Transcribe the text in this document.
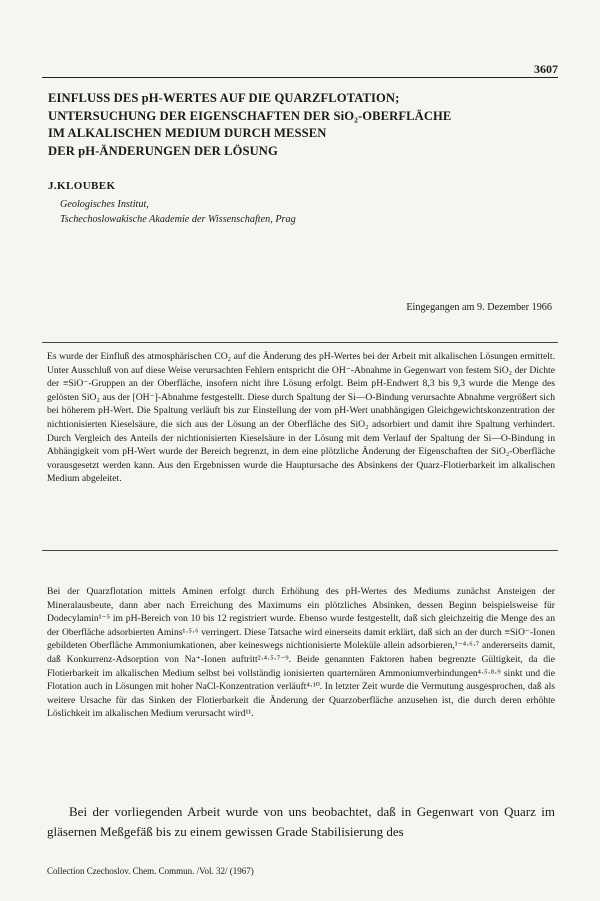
3607
EINFLUSS DES pH-WERTES AUF DIE QUARZFLOTATION;
UNTERSUCHUNG DER EIGENSCHAFTEN DER SiO₂-OBERFLÄCHE
IM ALKALISCHEN MEDIUM DURCH MESSEN
DER pH-ÄNDERUNGEN DER LÖSUNG
J.KLOUBEK
Geologisches Institut,
Tschechoslowakische Akademie der Wissenschaften, Prag
Eingegangen am 9. Dezember 1966
Es wurde der Einfluß des atmosphärischen CO₂ auf die Änderung des pH-Wertes bei der Arbeit mit alkalischen Lösungen ermittelt. Unter Ausschluß von auf diese Weise verursachten Fehlern entspricht die OH⁻-Abnahme in Gegenwart von festem SiO₂ der Dichte der ≡SiO⁻-Gruppen an der Oberfläche, insofern nicht ihre Lösung erfolgt. Beim pH-Endwert 8,3 bis 9,3 wurde die Menge des gelösten SiO₂ aus der [OH⁻]-Abnahme festgestellt. Diese durch Spaltung der Si—O-Bindung verursachte Abnahme vergrößert sich bei höherem pH-Wert. Die Spaltung verläuft bis zur Einstellung der vom pH-Wert unabhängigen Gleichgewichtskonzentration der nichtionisierten Kieselsäure, die sich aus der Lösung an der Oberfläche des SiO₂ adsorbiert und damit ihre Spaltung verhindert. Durch Vergleich des Anteils der nichtionisierten Kieselsäure in der Lösung mit dem Verlauf der Spaltung der Si—O-Bindung in Abhängigkeit vom pH-Wert wurde der Bereich begrenzt, in dem eine plötzliche Änderung der Eigenschaften der SiO₂-Oberfläche vorausgesetzt werden kann. Aus den Ergebnissen wurde die Hauptursache des Absinkens der Quarz-Flotierbarkeit im alkalischen Medium abgeleitet.
Bei der Quarzflotation mittels Aminen erfolgt durch Erhöhung des pH-Wertes des Mediums zunächst Ansteigen der Mineralausbeute, dann aber nach Erreichung des Maximums ein plötzliches Absinken, dessen Beginn beispielsweise für Dodecylamin¹⁻⁵ im pH-Bereich von 10 bis 12 registriert wurde. Ebenso wurde festgestellt, daß sich gleichzeitig die Menge des an der Oberfläche adsorbierten Amins¹·⁵·⁶ verringert. Diese Tatsache wird einerseits damit erklärt, daß sich an der durch ≡SiO⁻-Ionen gebildeten Oberfläche Ammoniumkationen, aber keineswegs nichtionisierte Moleküle allein adsorbieren,¹⁻⁴·⁶·⁷ andererseits damit, daß Konkurrenz-Adsorption von Na⁺-Ionen auftritt²·⁴·⁵·⁷⁻⁹. Beide genannten Faktoren haben begrenzte Gültigkeit, da die Flotierbarkeit im alkalischen Medium selbst bei vollständig ionisierten quarternären Ammoniumverbindungen⁴·⁵·⁸·⁹ sinkt und die Flotation auch in Lösungen mit hoher NaCl-Konzentration verläuft⁴·¹⁰. In letzter Zeit wurde die Vermutung ausgesprochen, daß als weitere Ursache für das Sinken der Flotierbarkeit die Änderung der Quarzoberfläche anzusehen ist, die durch deren erhöhte Löslichkeit im alkalischen Medium verursacht wird¹¹.
Bei der vorliegenden Arbeit wurde von uns beobachtet, daß in Gegenwart von Quarz im gläsernen Meßgefäß bis zu einem gewissen Grade Stabilisierung des
Collection Czechoslov. Chem. Commun. /Vol. 32/ (1967)
